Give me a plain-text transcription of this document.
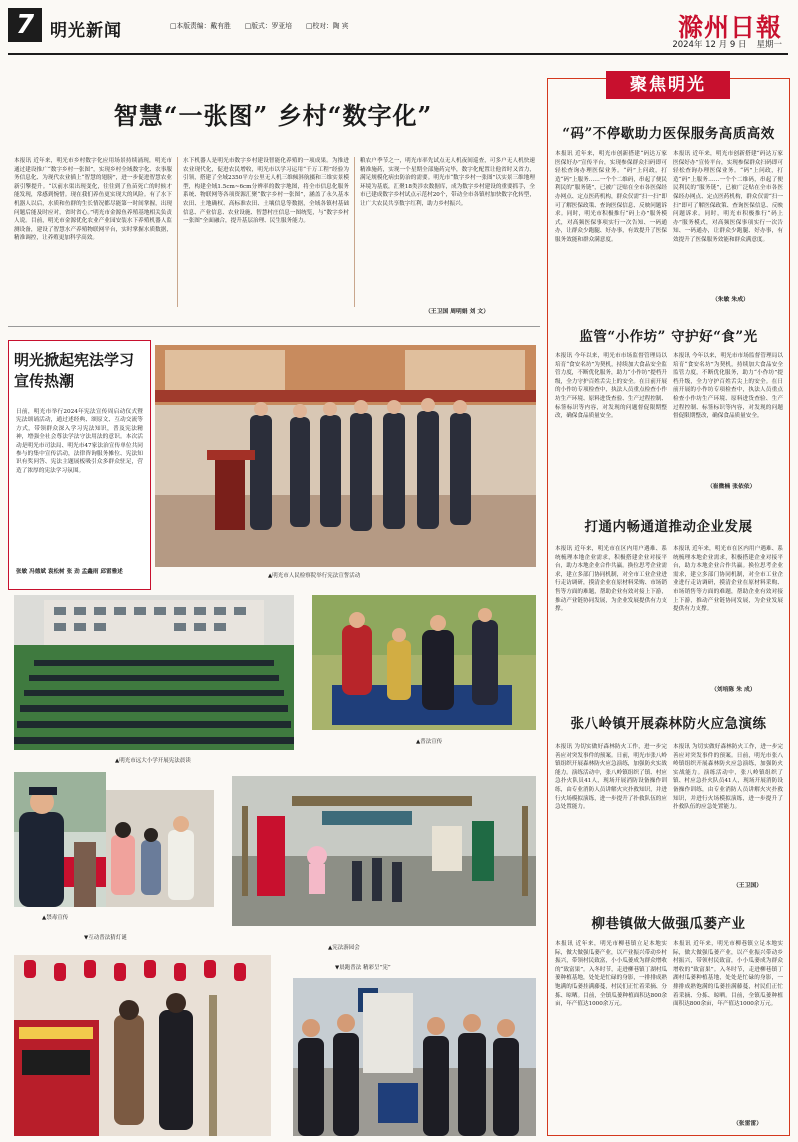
7 明光新闻	□本版责编：戴有胜 □版式：罗亚培 □校对：陶 宾	滁州日報
2024年 12 月 9 日 星期一
智慧“一张图” 乡村“数字化”
本报讯 近年来，明光市乡村数字化应用场景持续涌现，明光市通过建设推广“数字乡村一张图”，实现乡村全域数字化、农事服务信息化、为现代农业插上“智慧的翅膀”，进一步促进智慧农业新引擎提升。“以前水渠出现变化，往往到了鱼苗死亡的时候才能发现，常感到惋惜。现在我们养鱼更实现大的风险。有了水下机器人以后，水质和鱼群的生长情况都尽能第一时间掌握，出现问题后能及时应对，省时省心。”明光市金源鱼养殖基地相关负责人说。目前，明光市金源优化农业产业园安装水下养殖机器人监测设备，建设了智慧水产养殖物联网平台，实时掌握水质数据，精准调控，让养殖更加科学高效。
水下机器人是明光市数字乡村建设智能化养殖的一项成果。为推进农业现代化，促进农民增收，明光市以学习运用“千万工程”经验为引领，搭建了全域2350平方公里无人机三维倾斜航摄和三维实景模型，构建全域1.5cm~6cm分辨率的数字地图，将全市信息化服务系统、物联网等各项资源汇聚“数字乡村一张图”，涵盖了永久基本农田、土地确权、高标准农田、土壤信息等数据，全域各镇村基础信息、产业信息、农业设施、智慧村庄信息一图统览，与“数字乡村一张图”全面融合，提升基层治理、民生服务能力。
粮农户季节之一，明光市率先试点无人机夜间巡查，可多户无人机快速精准施药，实现一个星期全部施药完毕，数字化配置让他省时又省力，满足规模化病虫防治的需要。明光市“数字乡村一张图”以实景三维地理环境为基底，汇聚18类涉农数据库，成为数字乡村建设的重要抓手，全市已建成数字乡村试点示范村20个，带动全市各镇村加快数字化转型，让广大农民共享数字红利，助力乡村振兴。
（王卫国 周明娟 刘 文）
明光掀起宪法学习宣传热潮
日前，明光市举行2024年宪法宣传周启动仪式暨宪法颂诵活动，通过述经典、颂原文、互动交流等方式，带领群众深入学习宪法知识，普及宪法精神，增强全社会尊法学法守法用法的意识。本次活动是明光市司法局、明光市47家法治宣传单位共同参与的集中宣传活动，法律咨询服务摊位、宪法知识有奖问答、宪法主题展板吸引众多群众驻足，营造了浓厚的宪法学习氛围。
张敏 冯德斌 袁松树 张 劲 孟鑫雨 邱雷雅述
▲明光市人民检察院举行宪法宣誓活动
▲明光市远大小学开展宪法晨读
▲普法宣传
▲禁毒宣传
▼互动普法猜灯谜
▲宪法游园会
▼晨跑普法 精彩呈“宪”
聚焦明光
“码”不停歇助力医保服务高质高效
本报讯 近年来，明光市创新搭建“码达万家 医保好办”宣传平台，实现参保群众扫码即可轻松查询办理医保业务。“码”上问政，打造“码”上服务……一个个二维码，串起了便民利民的“服务链”，已被广泛贴在全市各医保经办网点、定点医药机构，群众仅需“扫一扫”即可了解医保政策、查询医保信息、反映问题诉求。同时，明光市积极推行“码上办”服务模式，对高频医保事项实行一次告知、一码通办，让群众少跑腿、好办事，有效提升了医保服务效能和群众满意度。
本报讯 近年来，明光市创新搭建“码达万家 医保好办”宣传平台，实现参保群众扫码即可轻松查询办理医保业务。“码”上问政，打造“码”上服务……一个个二维码，串起了便民利民的“服务链”，已被广泛贴在全市各医保经办网点、定点医药机构，群众仅需“扫一扫”即可了解医保政策、查询医保信息、反映问题诉求。同时，明光市积极推行“码上办”服务模式，对高频医保事项实行一次告知、一码通办，让群众少跑腿、好办事，有效提升了医保服务效能和群众满意度。
（朱敏 朱成）
监管“小作坊” 守护好“食”光
本报讯 今年以来，明光市市场监督管理局以培育“食安名坊”为契机，持续加大食品安全监管力度，不断优化服务，助力“小作坊”提档升级，全力守护百姓舌尖上的安全。在日前开展的小作坊专项检查中，执法人员重点检查小作坊生产环境、原料进货查验、生产过程控制、标签标识等内容，对发现的问题督促限期整改，确保食品质量安全。
本报讯 今年以来，明光市市场监督管理局以培育“食安名坊”为契机，持续加大食品安全监管力度，不断优化服务，助力“小作坊”提档升级，全力守护百姓舌尖上的安全。在日前开展的小作坊专项检查中，执法人员重点检查小作坊生产环境、原料进货查验、生产过程控制、标签标识等内容，对发现的问题督促限期整改，确保食品质量安全。
（崔微楠 张依依）
打通内畅通道推动企业发展
本报讯 近年来，明光市在区内用户遇难、系统梳理本地企业需求，积极搭建企业对接平台，助力本地企业合作共赢。换位思考企业需求，建立多部门协同机制，对全市工业企业进行走访调研，摸清企业在原材料采购、市场销售等方面的难题，帮助企业有效对接上下游，推动产业链协同发展，为企业发展提供有力支撑。
本报讯 近年来，明光市在区内用户遇难、系统梳理本地企业需求，积极搭建企业对接平台，助力本地企业合作共赢。换位思考企业需求，建立多部门协同机制，对全市工业企业进行走访调研，摸清企业在原材料采购、市场销售等方面的难题，帮助企业有效对接上下游，推动产业链协同发展，为企业发展提供有力支撑。
（刘培陈 朱 成）
张八岭镇开展森林防火应急演练
本报讯 为切实做好森林防火工作，进一步完善应对突发事件的预案。日前，明光市张八岭镇组织开展森林防火应急演练，加强防火实战能力。演练活动中，张八岭镇组织了镇、村应急扑火队员41人，现场开展消防设备操作训练，由专业消防人员讲解火灾扑救知识，并进行火场模拟演练，进一步提升了扑救队伍的应急处置能力。
本报讯 为切实做好森林防火工作，进一步完善应对突发事件的预案。日前，明光市张八岭镇组织开展森林防火应急演练，加强防火实战能力。演练活动中，张八岭镇组织了镇、村应急扑火队员41人，现场开展消防设备操作训练，由专业消防人员讲解火灾扑救知识，并进行火场模拟演练，进一步提升了扑救队伍的应急处置能力。
（王卫国）
柳巷镇做大做强瓜蒌产业
本报讯 近年来，明光市柳巷镇立足本地实际，做大做强瓜蒌产业，以产业振兴带动乡村振兴，带领村民致富，小小瓜蒌成为群众增收的“致富果”。入冬时节，走进柳巷镇丁湖村瓜蒌种植基地，处处是忙碌的身影，一排排成熟饱满的瓜蒌挂满藤蔓，村民们正忙着采摘、分拣、晾晒。目前，全镇瓜蒌种植面积达800余亩，年产值达1000余万元。
本报讯 近年来，明光市柳巷镇立足本地实际，做大做强瓜蒌产业，以产业振兴带动乡村振兴，带领村民致富，小小瓜蒌成为群众增收的“致富果”。入冬时节，走进柳巷镇丁湖村瓜蒌种植基地，处处是忙碌的身影，一排排成熟饱满的瓜蒌挂满藤蔓，村民们正忙着采摘、分拣、晾晒。目前，全镇瓜蒌种植面积达800余亩，年产值达1000余万元。
（张雷雷）
